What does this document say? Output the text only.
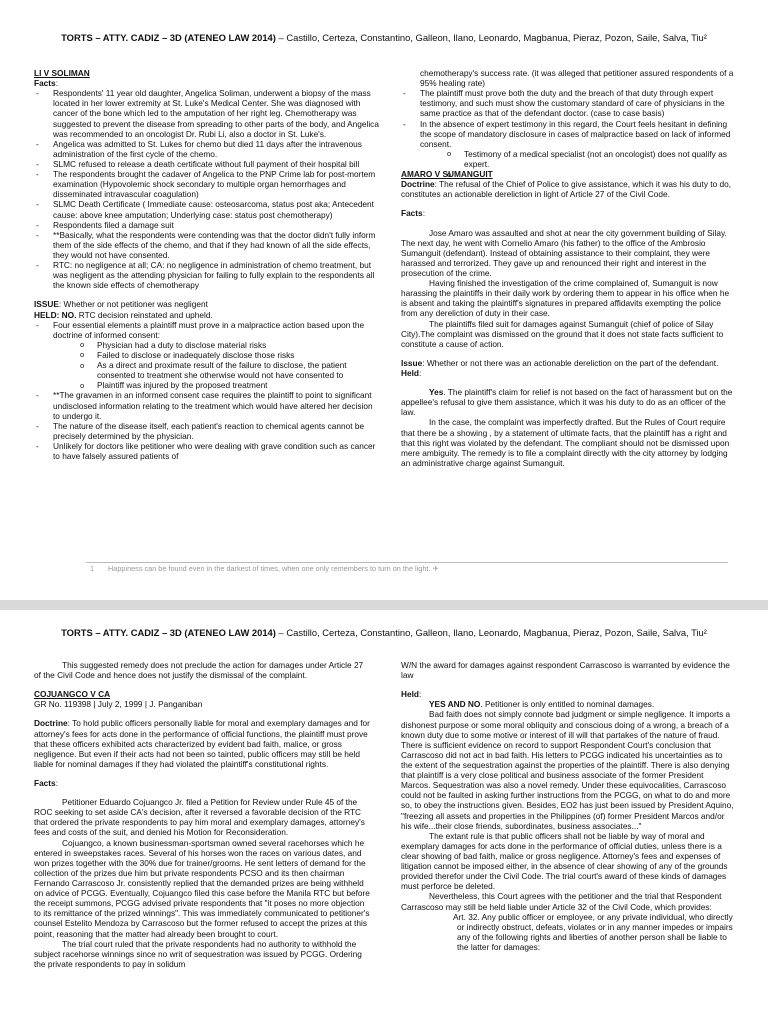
TORTS – ATTY. CADIZ – 3D (ATENEO LAW 2014) – Castillo, Certeza, Constantino, Galleon, Ilano, Leonardo, Magbanua, Pieraz, Pozon, Saile, Salva, Tiu²
1 Happiness can be found even in the darkest of times, when one only remembers to turn on the light. ✈
LI V SOLIMAN
Facts:
- Respondents' 11 year old daughter, Angelica Soliman, underwent a biopsy of the mass located in her lower extremity at St. Luke's Medical Center. She was diagnosed with cancer of the bone which led to the amputation of her right leg. Chemotherapy was suggested to prevent the disease from spreading to other parts of the body, and Angelica was recommended to an oncologist Dr. Rubi Li, also a doctor in St. Luke's.
- Angelica was admitted to St. Lukes for chemo but died 11 days after the intravenous administration of the first cycle of the chemo.
- SLMC refused to release a death certificate without full payment of their hospital bill
- The respondents brought the cadaver of Angelica to the PNP Crime lab for post-mortem examination (Hypovolemic shock secondary to multiple organ hemorrhages and disseminated intravascular coagulation)
- SLMC Death Certificate ( Immediate cause: osteosarcoma, status post aka; Antecedent cause: above knee amputation; Underlying case: status post chemotherapy)
- Respondents filed a damage suit
- **Basically, what the respondents were contending was that the doctor didn't fully inform them of the side effects of the chemo, and that if they had known of all the side effects, they would not have consented.
- RTC: no negligence at all; CA: no negligence in administration of chemo treatment, but was negligent as the attending physician for failing to fully explain to the respondents all the known side effects of chemotherapy
ISSUE: Whether or not petitioner was negligent
HELD: NO. RTC decision reinstated and upheld.
- Four essential elements a plaintiff must prove in a malpractice action based upon the doctrine of informed consent:
o Physician had a duty to disclose material risks
o Failed to disclose or inadequately disclose those risks
o As a direct and proximate result of the failure to disclose, the patient consented to treatment she otherwise would not have consented to
o Plaintiff was injured by the proposed treatment
- **The gravamen in an informed consent case requires the plaintiff to point to significant undisclosed information relating to the treatment which would have altered her decision to undergo it.
- The nature of the disease itself, each patient's reaction to chemical agents cannot be precisely determined by the physician.
- Unlikely for doctors like petitioner who were dealing with grave condition such as cancer to have falsely assured patients of
chemotherapy's success rate. (it was alleged that petitioner assured respondents of a 95% healing rate)
- The plaintiff must prove both the duty and the breach of that duty through expert testimony, and such must show the customary standard of care of physicians in the same practice as that of the defendant doctor. (case to case basis)
- In the absence of expert testimony in this regard, the Court feels hesitant in defining the scope of mandatory disclosure in cases of malpractice based on lack of informed consent.
o Testimony of a medical specialist (not an oncologist) does not qualify as expert.
AMARO V SUMANGUIT
Doctrine: The refusal of the Chief of Police to give assistance, which it was his duty to do, constitutes an actionable dereliction in light of Article 27 of the Civil Code.
Facts:

Jose Amaro was assaulted and shot at near the city government building of Silay. The next day, he went with Cornelio Amaro (his father) to the office of the Ambrosio Sumanguit (defendant). Instead of obtaining assistance to their complaint, they were harassed and terrorized. They gave up and renounced their right and interest in the prosecution of the crime.

Having finished the investigation of the crime complained of, Sumanguit is now harassing the plaintiffs in their daily work by ordering them to appear in his office when he is absent and taking the plaintiff's signatures in prepared affidavits exempting the police from any dereliction of duty in their case.

The plaintiffs filed suit for damages against Sumanguit (chief of police of Silay City).The complaint was dismissed on the ground that it does not state facts sufficient to constitute a cause of action.

Issue: Whether or not there was an actionable dereliction on the part of the defendant.
Held:

Yes. The plaintiff's claim for relief is not based on the fact of harassment but on the appellee's refusal to give them assistance, which it was his duty to do as an officer of the law.

In the case, the complaint was imperfectly drafted. But the Rules of Court require that there be a showing , by a statement of ultimate facts, that the plaintiff has a right and that this right was violated by the defendant. The compliant should not be dismissed upon mere ambiguity. The remedy is to file a complaint directly with the city attorney by lodging an administrative charge against Sumanguit.

TORTS – ATTY. CADIZ – 3D (ATENEO LAW 2014) – Castillo, Certeza, Constantino, Galleon, Ilano, Leonardo, Magbanua, Pieraz, Pozon, Saile, Salva, Tiu²

This suggested remedy does not preclude the action for damages under Article 27 of the Civil Code and hence does not justify the dismissal of the complaint.

COJUANGCO V CA
GR No. 119398 | July 2, 1999 | J. Panganiban
Doctrine: To hold public officers personally liable for moral and exemplary damages and for attorney's fees for acts done in the performance of official functions, the plaintiff must prove that these officers exhibited acts characterized by evident bad faith, malice, or gross negligence. But even if their acts had not been so tainted, public officers may still be held liable for nominal damages if they had violated the plaintiff's constitutional rights.
Facts:

Petitioner Eduardo Cojuangco Jr. filed a Petition for Review under Rule 45 of the ROC seeking to set aside CA's decision, after it reversed a favorable decision of the RTC that ordered the private respondents to pay him moral and exemplary damages, attorney's fees and costs of the suit, and denied his Motion for Reconsideration.

Cojuangco, a known businessman-sportsman owned several racehorses which he entered in sweepstakes races. Several of his horses won the races on various dates, and won prizes together with the 30% due for trainer/grooms. He sent letters of demand for the collection of the prizes due him but private respondents PCSO and its then chairman Fernando Carrascoso Jr. consistently replied that the demanded prizes are being withheld on advice of PCGG. Eventually, Cojuangco filed this case before the Manila RTC but before the receipt summons, PCGG advised private respondents that "it poses no more objection to its remittance of the prized winnings". This was immediately communicated to petitioner's counsel Estelito Mendoza by Carrascoso but the former refused to accept the prizes at this point, reasoning that the matter had already been brought to court.

The trial court ruled that the private respondents had no authority to withhold the subject racehorse winnings since no writ of sequestration was issued by PCGG. Ordering the private respondents to pay in solidum

W/N the award for damages against respondent Carrascoso is warranted by evidence the law

Held:

YES AND NO. Petitioner is only entitled to nominal damages.

Bad faith does not simply connote bad judgment or simple negligence. It imports a dishonest purpose or some moral obliquity and conscious doing of a wrong, a breach of a known duty due to some motive or interest of ill will that partakes of the nature of fraud. There is sufficient evidence on record to support Respondent Court's conclusion that Carrascoso did not act in bad faith. His letters to PCGG indicated his uncertainties as to the extent of the sequestration against the properties of the plaintiff. There is also denying that plaintiff is a very close political and business associate of the former President Marcos. Sequestration was also a novel remedy. Under these equivocalities, Carrascoso could not be faulted in asking further instructions from the PCGG, on what to do and more so, to obey the instructions given. Besides, EO2 has just been issued by President Aquino, "freezing all assets and properties in the Philippines (of) former President Marcos and/or his wife...their close friends, subordinates, business associates..."

The extant rule is that public officers shall not be liable by way of moral and exemplary damages for acts done in the performance of official duties, unless there is a clear showing of bad faith, malice or gross negligence. Attorney's fees and expenses of litigation cannot be imposed either, in the absence of clear showing of any of the grounds provided therefor under the Civil Code. The trial court's award of these kinds of damages must perforce be deleted.

Nevertheless, this Court agrees with the petitioner and the trial that Respondent Carrascoso may still be held liable under Article 32 of the Civil Code, which provides:

Art. 32. Any public officer or employee, or any private individual, who directly or indirectly obstruct, defeats, violates or in any manner impedes or impairs any of the following rights and liberties of another person shall be liable to the latter for damages:
